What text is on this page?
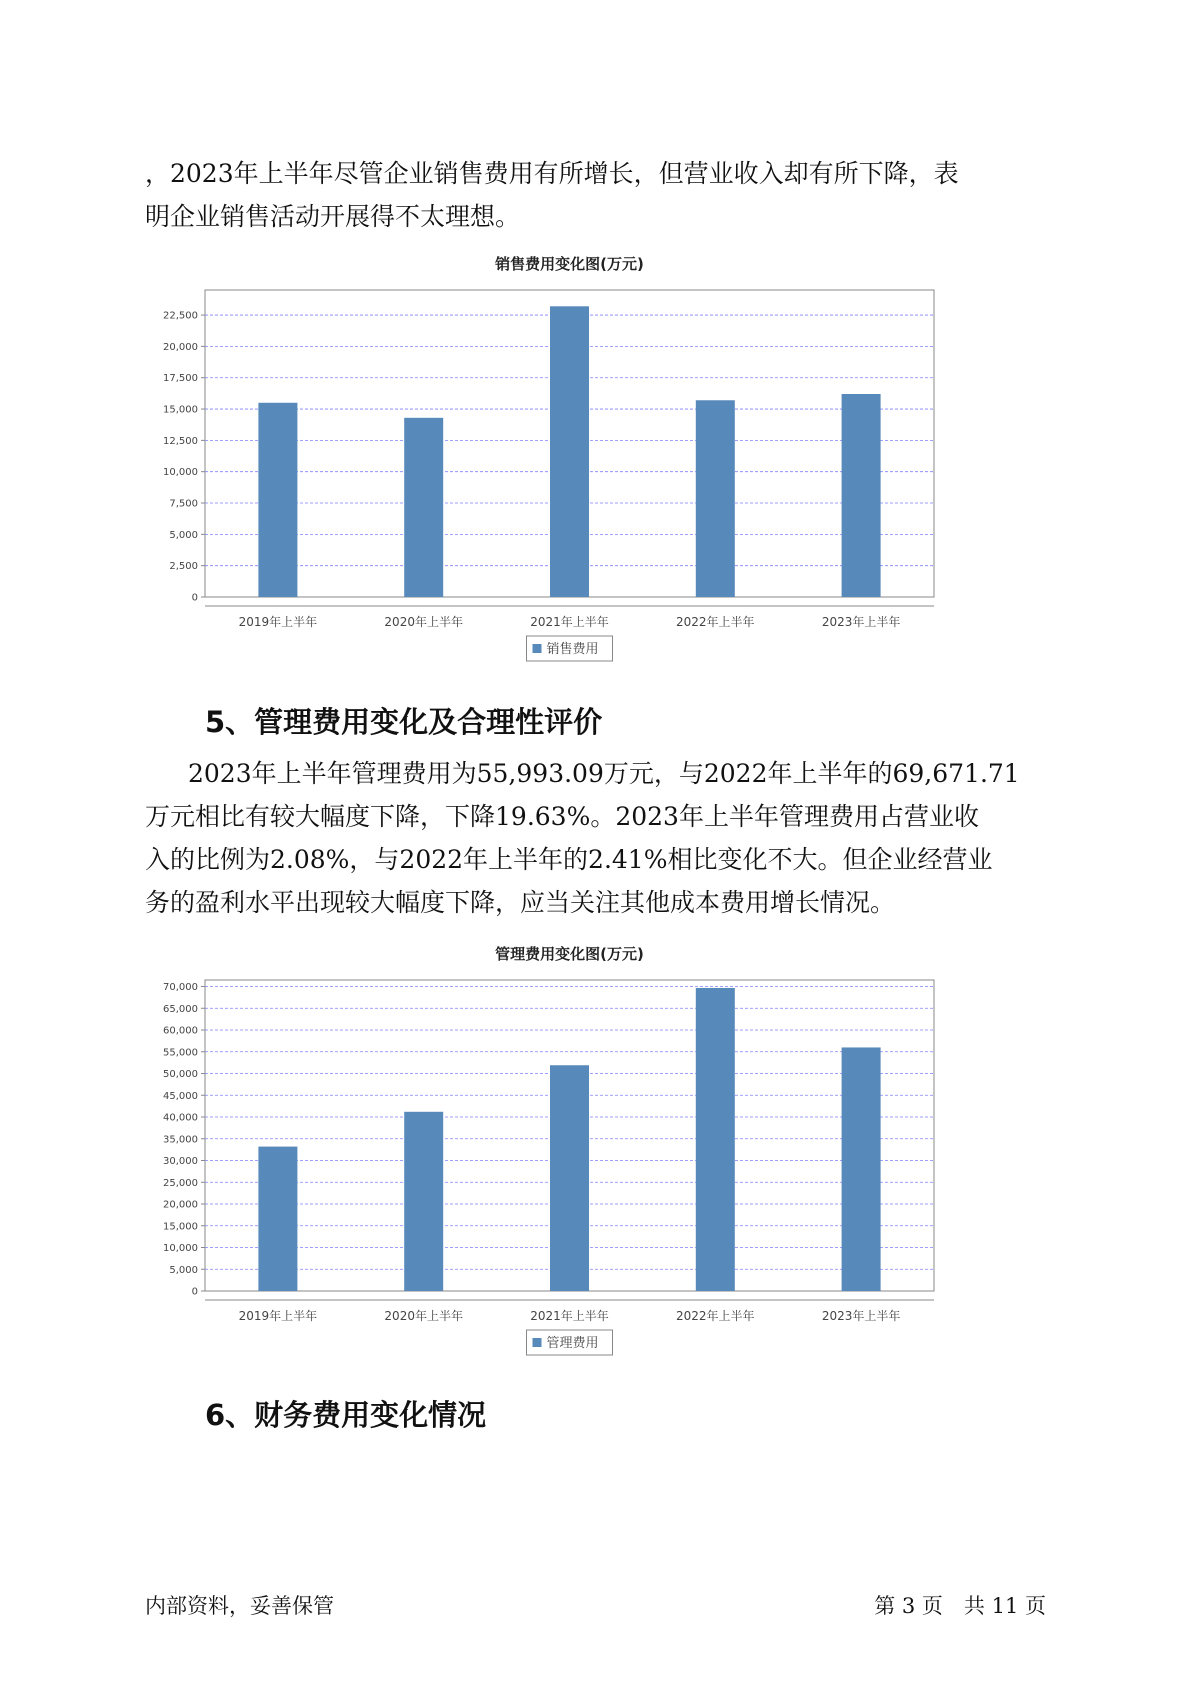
，2023年上半年尽管企业销售费用有所增长，但营业收入却有所下降，表
明企业销售活动开展得不太理想。
销售费用变化图(万元)
0
2,500
5,000
7,500
10,000
12,500
15,000
17,500
20,000
22,500
2019年上半年	2020年上半年	2021年上半年	2022年上半年	2023年上半年
销售费用
5、管理费用变化及合理性评价
2023年上半年管理费用为55,993.09万元，与2022年上半年的69,671.71
万元相比有较大幅度下降，下降19.63%。2023年上半年管理费用占营业收
入的比例为2.08%，与2022年上半年的2.41%相比变化不大。但企业经营业
务的盈利水平出现较大幅度下降，应当关注其他成本费用增长情况。
管理费用变化图(万元)
0
5,000
10,000
15,000
20,000
25,000
30,000
35,000
40,000
45,000
50,000
55,000
60,000
65,000
70,000
2019年上半年	2020年上半年	2021年上半年	2022年上半年	2023年上半年
管理费用
6、财务费用变化情况
内部资料，妥善保管	第 3 页　共 11 页
